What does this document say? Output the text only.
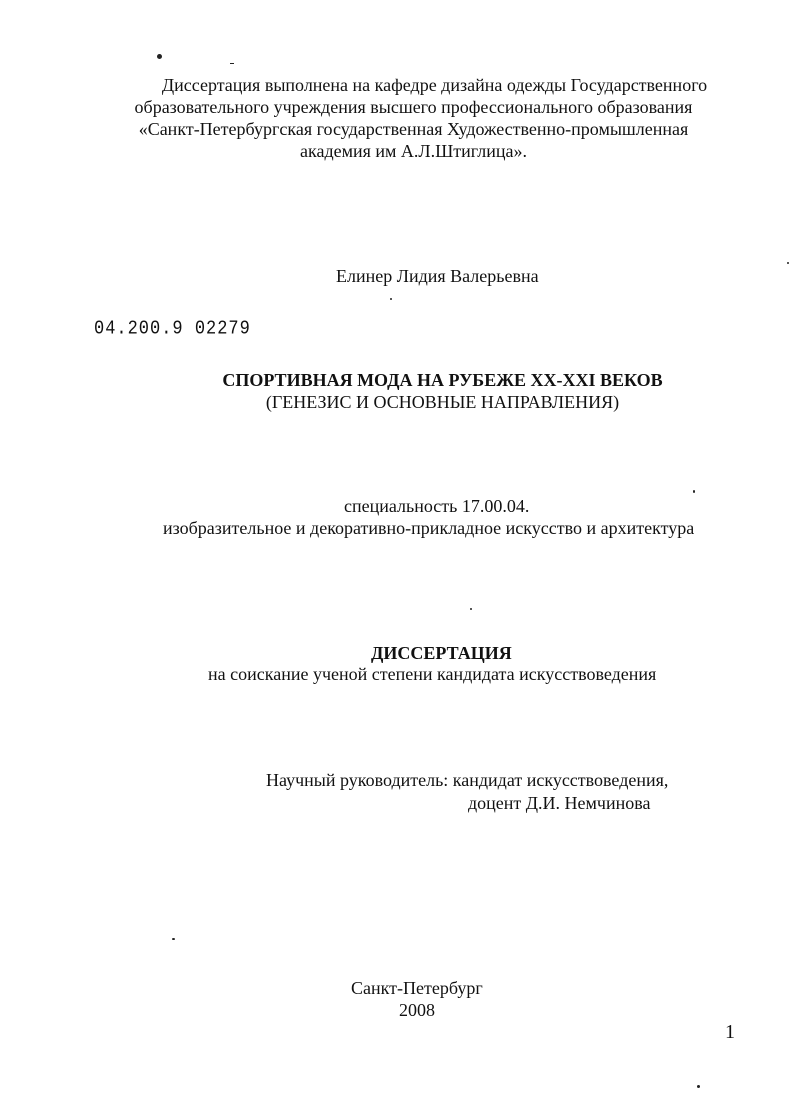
Диссертация выполнена на кафедре дизайна одежды Государственного
образовательного учреждения высшего профессионального образования
«Санкт-Петербургская государственная Художественно-промышленная
академия им А.Л.Штиглица».
Елинер Лидия Валерьевна
04.200.9 02279
СПОРТИВНАЯ МОДА НА РУБЕЖЕ XX-XXI ВЕКОВ
(ГЕНЕЗИС И ОСНОВНЫЕ НАПРАВЛЕНИЯ)
специальность 17.00.04.
изобразительное и декоративно-прикладное искусство и архитектура
ДИССЕРТАЦИЯ
на соискание ученой степени кандидата искусствоведения
Научный руководитель: кандидат искусствоведения,
доцент Д.И. Немчинова
Санкт-Петербург
2008
1
